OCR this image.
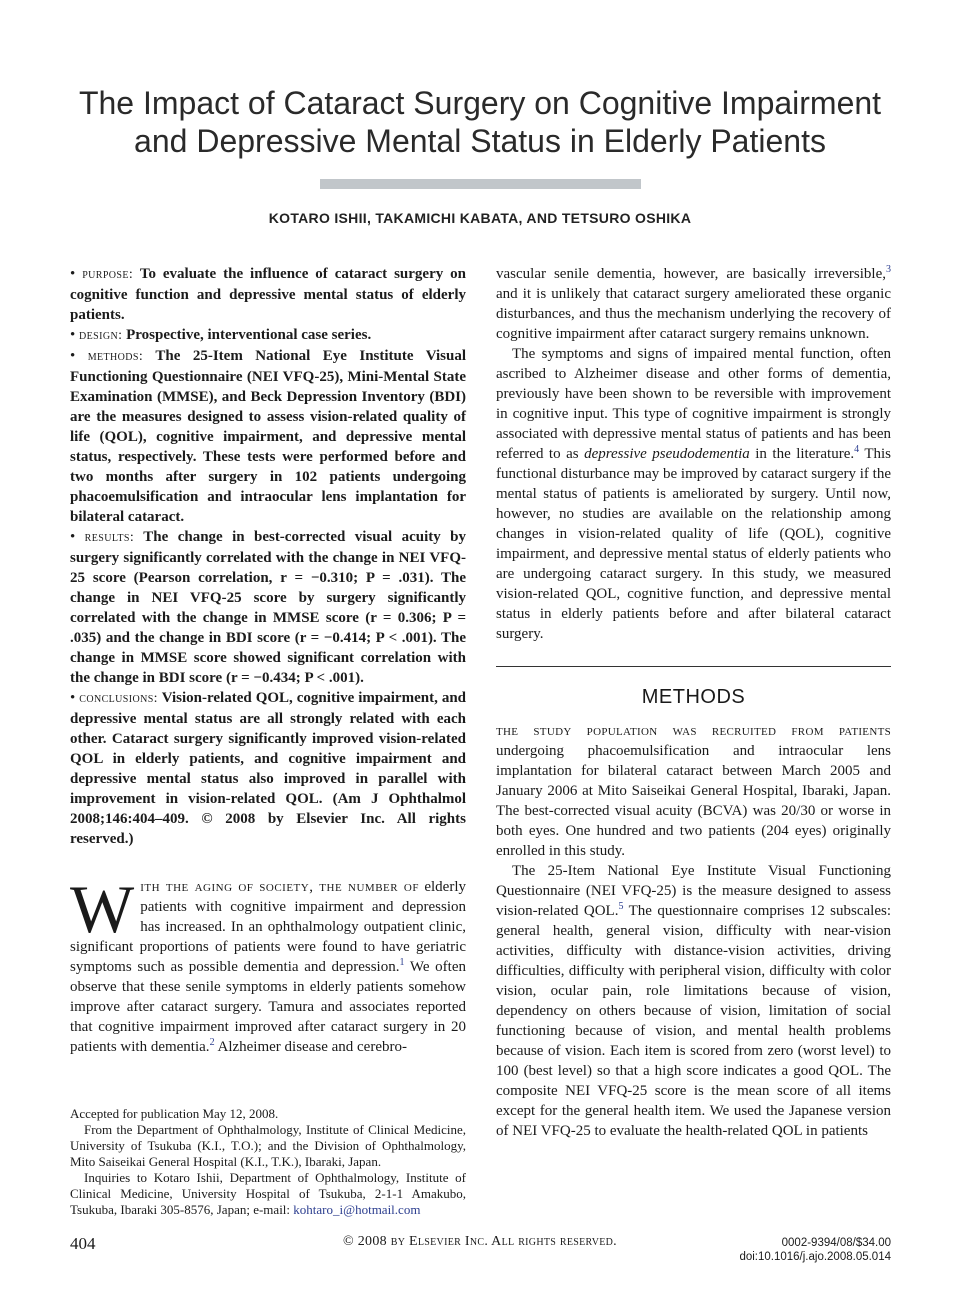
The Impact of Cataract Surgery on Cognitive Impairment
and Depressive Mental Status in Elderly Patients
KOTARO ISHII, TAKAMICHI KABATA, AND TETSURO OSHIKA

• purpose: To evaluate the influence of cataract surgery on cognitive function and depressive mental status of elderly patients.

• design: Prospective, interventional case series.

• methods: The 25-Item National Eye Institute Visual Functioning Questionnaire (NEI VFQ-25), Mini-Mental State Examination (MMSE), and Beck Depression Inventory (BDI) are the measures designed to assess vision-related quality of life (QOL), cognitive impairment, and depressive mental status, respectively. These tests were performed before and two months after surgery in 102 patients undergoing phacoemulsification and intraocular lens implantation for bilateral cataract.

• results: The change in best-corrected visual acuity by surgery significantly correlated with the change in NEI VFQ-25 score (Pearson correlation, r = −0.310; P = .031). The change in NEI VFQ-25 score by surgery significantly correlated with the change in MMSE score (r = 0.306; P = .035) and the change in BDI score (r = −0.414; P < .001). The change in MMSE score showed significant correlation with the change in BDI score (r = −0.434; P < .001).

• conclusions: Vision-related QOL, cognitive impairment, and depressive mental status are all strongly related with each other. Cataract surgery significantly improved vision-related QOL in elderly patients, and cognitive impairment and depressive mental status also improved in parallel with improvement in vision-related QOL. (Am J Ophthalmol 2008;146:404–409. © 2008 by Elsevier Inc. All rights reserved.)

With the aging of society, the number of elderly patients with cognitive impairment and depression has increased. In an ophthalmology outpatient clinic, significant proportions of patients were found to have geriatric symptoms such as possible dementia and depression.$^1$ We often observe that these senile symptoms in elderly patients somehow improve after cataract surgery. Tamura and associates reported that cognitive impairment improved after cataract surgery in 20 patients with dementia.$^2$ Alzheimer disease and cerebro-

Accepted for publication May 12, 2008.

From the Department of Ophthalmology, Institute of Clinical Medicine, University of Tsukuba (K.I., T.O.); and the Division of Ophthalmology, Mito Saiseikai General Hospital (K.I., T.K.), Ibaraki, Japan.

Inquiries to Kotaro Ishii, Department of Ophthalmology, Institute of Clinical Medicine, University Hospital of Tsukuba, 2-1-1 Amakubo, Tsukuba, Ibaraki 305-8576, Japan; e-mail: kohtaro_i@hotmail.com

vascular senile dementia, however, are basically irreversible,$^3$ and it is unlikely that cataract surgery ameliorated these organic disturbances, and thus the mechanism underlying the recovery of cognitive impairment after cataract surgery remains unknown.

The symptoms and signs of impaired mental function, often ascribed to Alzheimer disease and other forms of dementia, previously have been shown to be reversible with improvement in cognitive input. This type of cognitive impairment is strongly associated with depressive mental status of patients and has been referred to as depressive pseudodementia in the literature.$^4$ This functional disturbance may be improved by cataract surgery if the mental status of patients is ameliorated by surgery. Until now, however, no studies are available on the relationship among changes in vision-related quality of life (QOL), cognitive impairment, and depressive mental status of elderly patients who are undergoing cataract surgery. In this study, we measured vision-related QOL, cognitive function, and depressive mental status in elderly patients before and after bilateral cataract surgery.

METHODS

the study population was recruited from patients undergoing phacoemulsification and intraocular lens implantation for bilateral cataract between March 2005 and January 2006 at Mito Saiseikai General Hospital, Ibaraki, Japan. The best-corrected visual acuity (BCVA) was 20/30 or worse in both eyes. One hundred and two patients (204 eyes) originally enrolled in this study.

The 25-Item National Eye Institute Visual Functioning Questionnaire (NEI VFQ-25) is the measure designed to assess vision-related QOL.$^5$ The questionnaire comprises 12 subscales: general health, general vision, difficulty with near-vision activities, difficulty with distance-vision activities, driving difficulties, difficulty with peripheral vision, difficulty with color vision, ocular pain, role limitations because of vision, dependency on others because of vision, limitation of social functioning because of vision, and mental health problems because of vision. Each item is scored from zero (worst level) to 100 (best level) so that a high score indicates a good QOL. The composite NEI VFQ-25 score is the mean score of all items except for the general health item. We used the Japanese version of NEI VFQ-25 to evaluate the health-related QOL in patients

404	© 2008 by Elsevier Inc. All rights reserved.	0002-9394/08/$34.00
doi:10.1016/j.ajo.2008.05.014
